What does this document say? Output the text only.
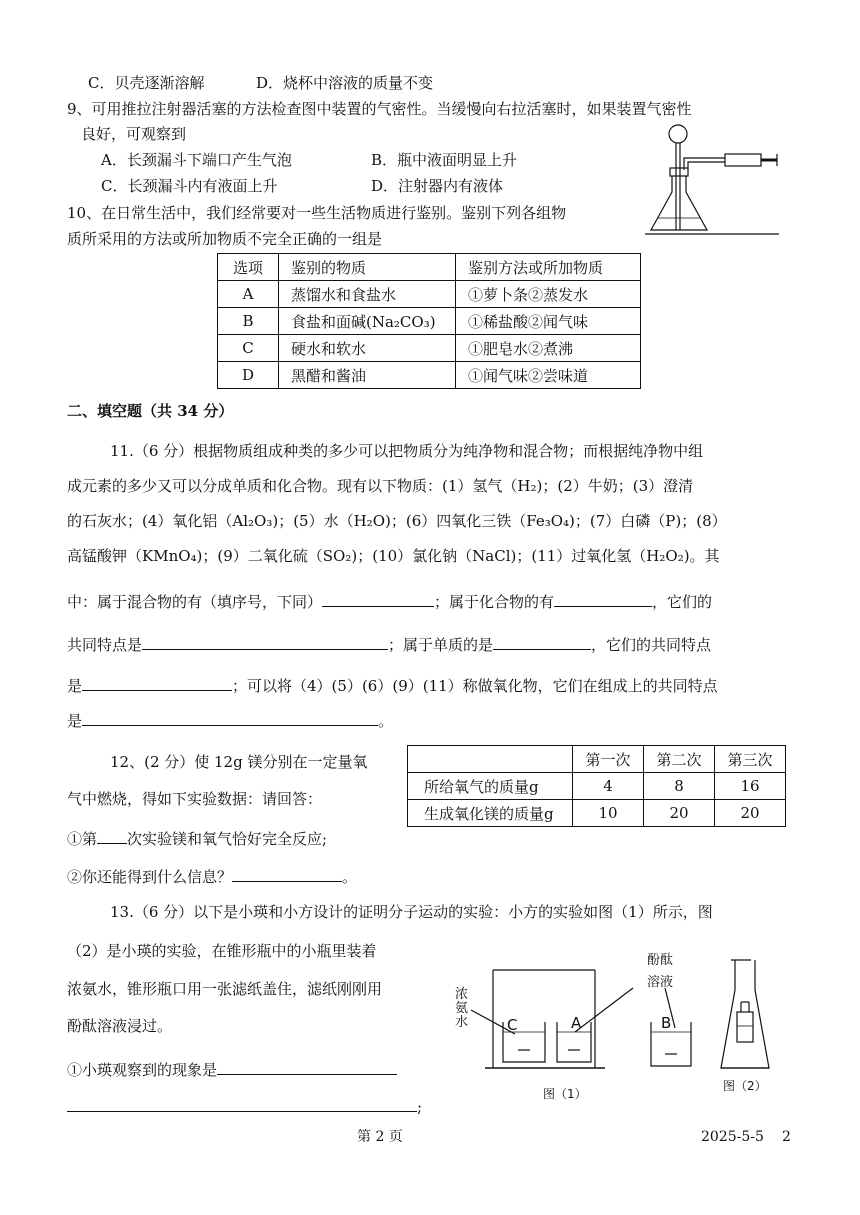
C．贝壳逐渐溶解	D．烧杯中溶液的质量不变
9、可用推拉注射器活塞的方法检查图中装置的气密性。当缓慢向右拉活塞时，如果装置气密性
良好，可观察到
A．长颈漏斗下端口产生气泡	B．瓶中液面明显上升
C．长颈漏斗内有液面上升	D．注射器内有液体
10、在日常生活中，我们经常要对一些生活物质进行鉴别。鉴别下列各组物
质所采用的方法或所加物质不完全正确的一组是
选项	鉴别的物质	鉴别方法或所加物质
A	蒸馏水和食盐水	①萝卜条②蒸发水
B	食盐和面碱(Na₂CO₃)	①稀盐酸②闻气味
C	硬水和软水	①肥皂水②煮沸
D	黑醋和酱油	①闻气味②尝味道
二、填空题（共 34 分）
11.（6 分）根据物质组成种类的多少可以把物质分为纯净物和混合物；而根据纯净物中组
成元素的多少又可以分成单质和化合物。现有以下物质：(1）氢气（H₂)；(2）牛奶；(3）澄清
的石灰水；(4）氧化铝（Al₂O₃)；(5）水（H₂O)；(6）四氧化三铁（Fe₃O₄)；(7）白磷（P)；(8）
高锰酸钾（KMnO₄)；(9）二氧化硫（SO₂)；(10）氯化钠（NaCl)；(11）过氧化氢（H₂O₂)。其
中：属于混合物的有（填序号，下同）	；属于化合物的有	，它们的
共同特点是	；属于单质的是	，它们的共同特点
是	；可以将（4）(5）(6）(9）(11）称做氧化物，它们在组成上的共同特点
是	。
12、(2 分）使 12g 镁分别在一定量氧
气中燃烧，得如下实验数据：请回答：
①第 次实验镁和氧气恰好完全反应;
②你还能得到什么信息？	。
	第一次	第二次	第三次
所给氧气的质量g	4	8	16
生成氧化镁的质量g	10	20	20
13.（6 分）以下是小瑛和小方设计的证明分子运动的实验：小方的实验如图（1）所示，图
（2）是小瑛的实验，在锥形瓶中的小瓶里装着
浓氨水，锥形瓶口用一张滤纸盖住，滤纸刚刚用
酚酞溶液浸过。
①小瑛观察到的现象是
;
浓
氨
水
酚酞
溶液
C	A	B
图（1）
图（2）
第 2 页	2025-5-5 2
